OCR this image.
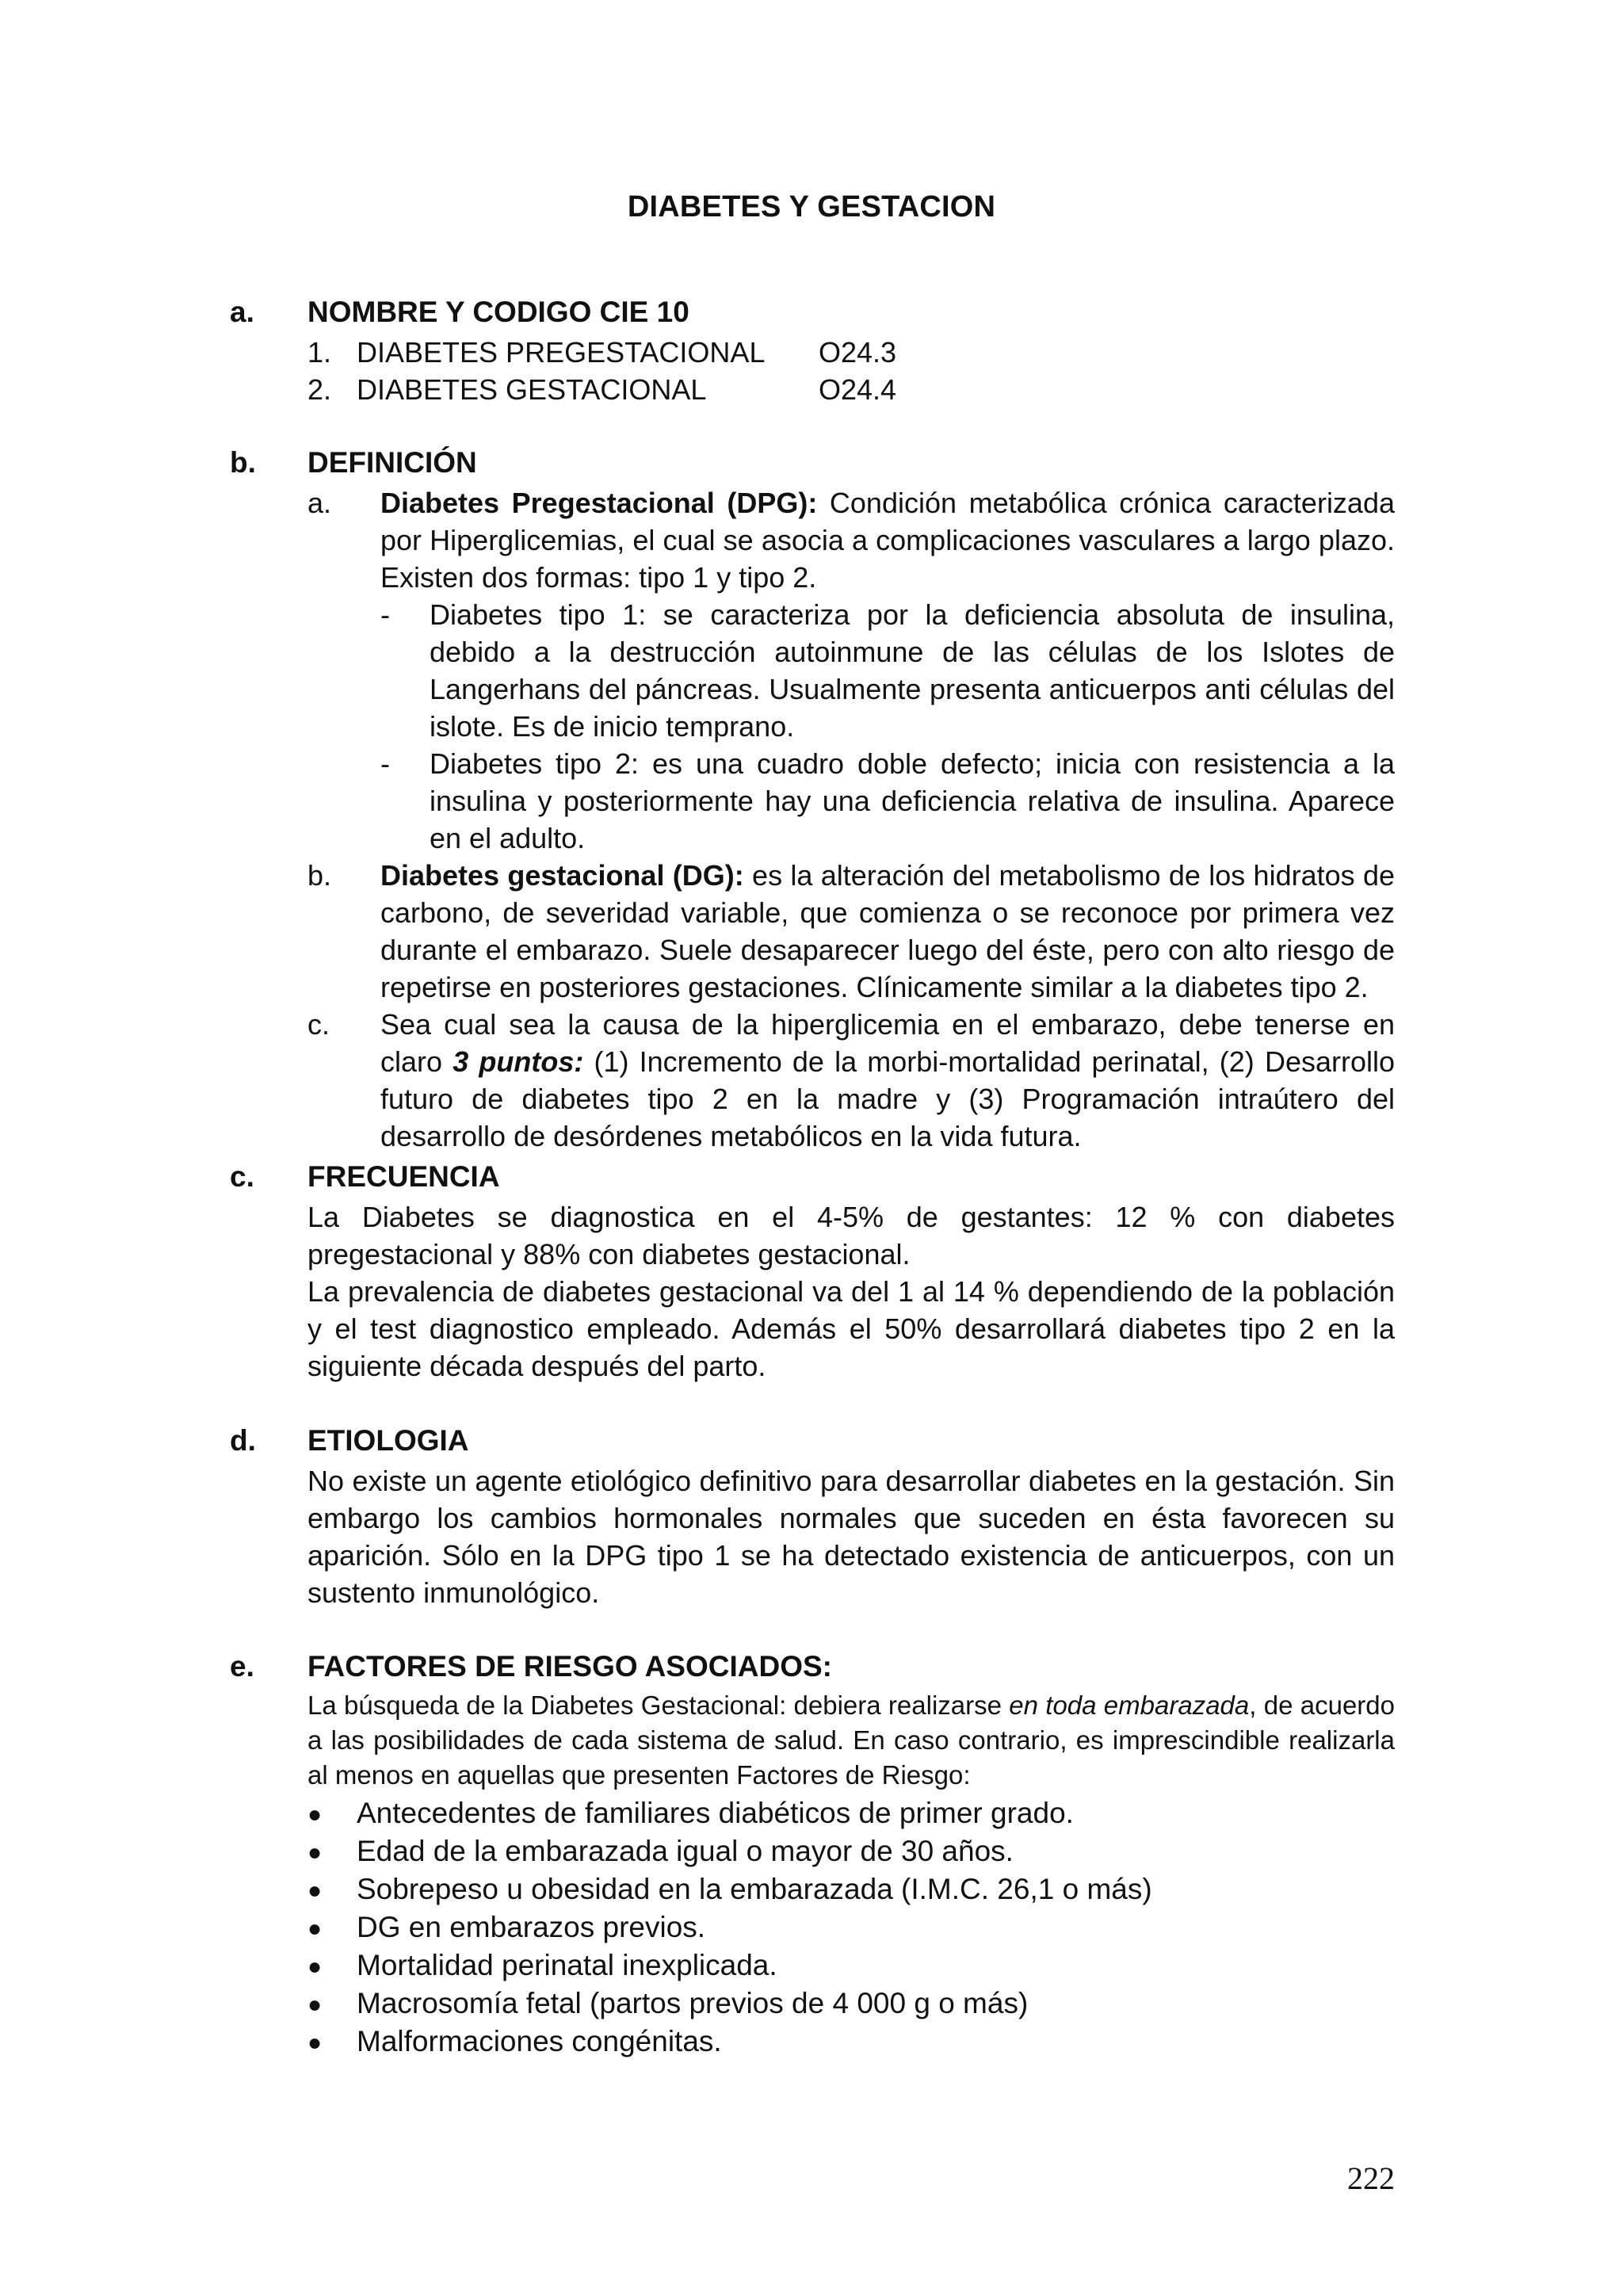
DIABETES Y GESTACION
a. NOMBRE Y CODIGO CIE 10
1. DIABETES PREGESTACIONAL O24.3
2. DIABETES GESTACIONAL	O24.4
b. DEFINICIÓN
a. Diabetes Pregestacional (DPG): Condición metabólica crónica caracterizada por Hiperglicemias, el cual se asocia a complicaciones vasculares a largo plazo. Existen dos formas: tipo 1 y tipo 2.
- Diabetes tipo 1: se caracteriza por la deficiencia absoluta de insulina, debido a la destrucción autoinmune de las células de los Islotes de Langerhans del páncreas. Usualmente presenta anticuerpos anti células del islote. Es de inicio temprano.
- Diabetes tipo 2: es una cuadro doble defecto; inicia con resistencia a la insulina y posteriormente hay una deficiencia relativa de insulina. Aparece en el adulto.
b. Diabetes gestacional (DG): es la alteración del metabolismo de los hidratos de carbono, de severidad variable, que comienza o se reconoce por primera vez durante el embarazo. Suele desaparecer luego del éste, pero con alto riesgo de repetirse en posteriores gestaciones. Clínicamente similar a la diabetes tipo 2.
c. Sea cual sea la causa de la hiperglicemia en el embarazo, debe tenerse en claro 3 puntos: (1) Incremento de la morbi-mortalidad perinatal, (2) Desarrollo futuro de diabetes tipo 2 en la madre y (3) Programación intraútero del desarrollo de desórdenes metabólicos en la vida futura.
c. FRECUENCIA
La Diabetes se diagnostica en el 4-5% de gestantes: 12 % con diabetes pregestacional y 88% con diabetes gestacional.
La prevalencia de diabetes gestacional va del 1 al 14 % dependiendo de la población y el test diagnostico empleado. Además el 50% desarrollará diabetes tipo 2 en la siguiente década después del parto.
d. ETIOLOGIA
No existe un agente etiológico definitivo para desarrollar diabetes en la gestación. Sin embargo los cambios hormonales normales que suceden en ésta favorecen su aparición. Sólo en la DPG tipo 1 se ha detectado existencia de anticuerpos, con un sustento inmunológico.
e. FACTORES DE RIESGO ASOCIADOS:
La búsqueda de la Diabetes Gestacional: debiera realizarse en toda embarazada, de acuerdo a las posibilidades de cada sistema de salud. En caso contrario, es imprescindible realizarla al menos en aquellas que presenten Factores de Riesgo:
● Antecedentes de familiares diabéticos de primer grado.
● Edad de la embarazada igual o mayor de 30 años.
● Sobrepeso u obesidad en la embarazada (I.M.C. 26,1 o más)
● DG en embarazos previos.
● Mortalidad perinatal inexplicada.
● Macrosomía fetal (partos previos de 4 000 g o más)
● Malformaciones congénitas.
222
